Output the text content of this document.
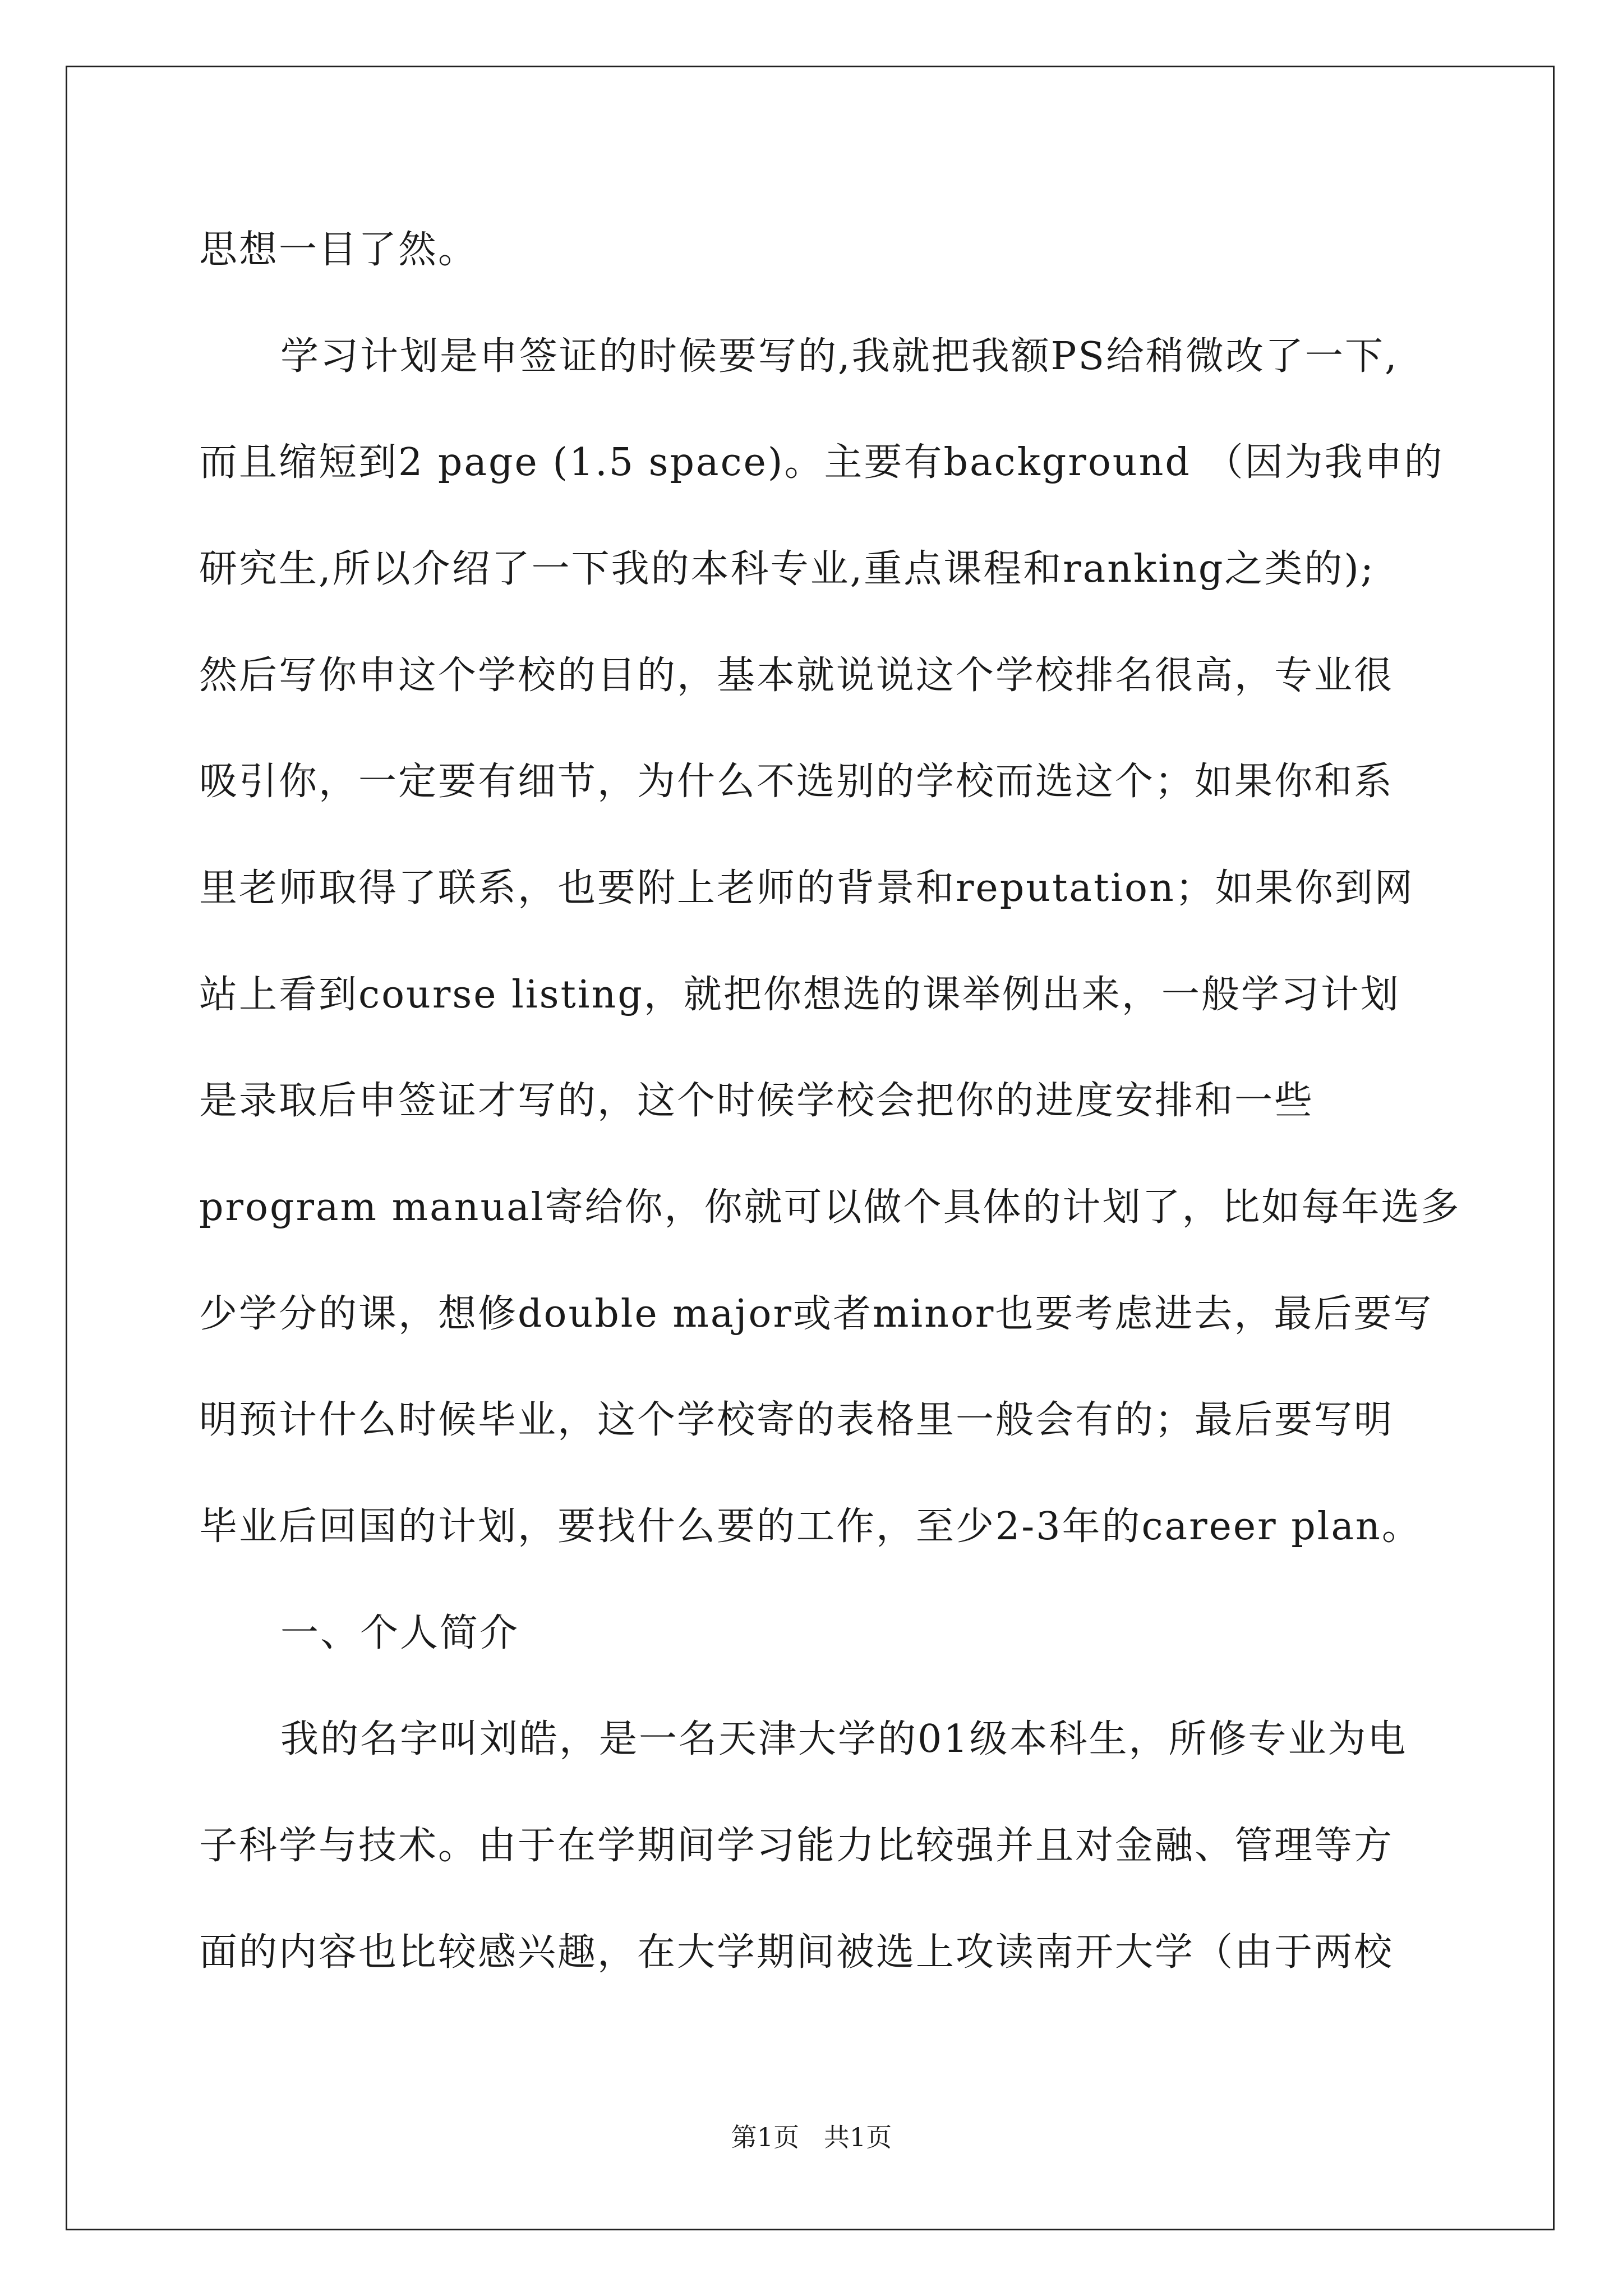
思想一目了然。
学习计划是申签证的时候要写的,我就把我额PS给稍微改了一下,
而且缩短到2 page (1.5 space)。主要有background （因为我申的
研究生,所以介绍了一下我的本科专业,重点课程和ranking之类的);
然后写你申这个学校的目的，基本就说说这个学校排名很高，专业很
吸引你，一定要有细节，为什么不选别的学校而选这个；如果你和系
里老师取得了联系，也要附上老师的背景和reputation；如果你到网
站上看到course listing，就把你想选的课举例出来，一般学习计划
是录取后申签证才写的，这个时候学校会把你的进度安排和一些
program manual寄给你，你就可以做个具体的计划了，比如每年选多
少学分的课，想修double major或者minor也要考虑进去，最后要写
明预计什么时候毕业，这个学校寄的表格里一般会有的；最后要写明
毕业后回国的计划，要找什么要的工作，至少2-3年的career plan。
一、个人简介
我的名字叫刘皓，是一名天津大学的01级本科生，所修专业为电
子科学与技术。由于在学期间学习能力比较强并且对金融、管理等方
面的内容也比较感兴趣，在大学期间被选上攻读南开大学（由于两校
第1页   共1页
